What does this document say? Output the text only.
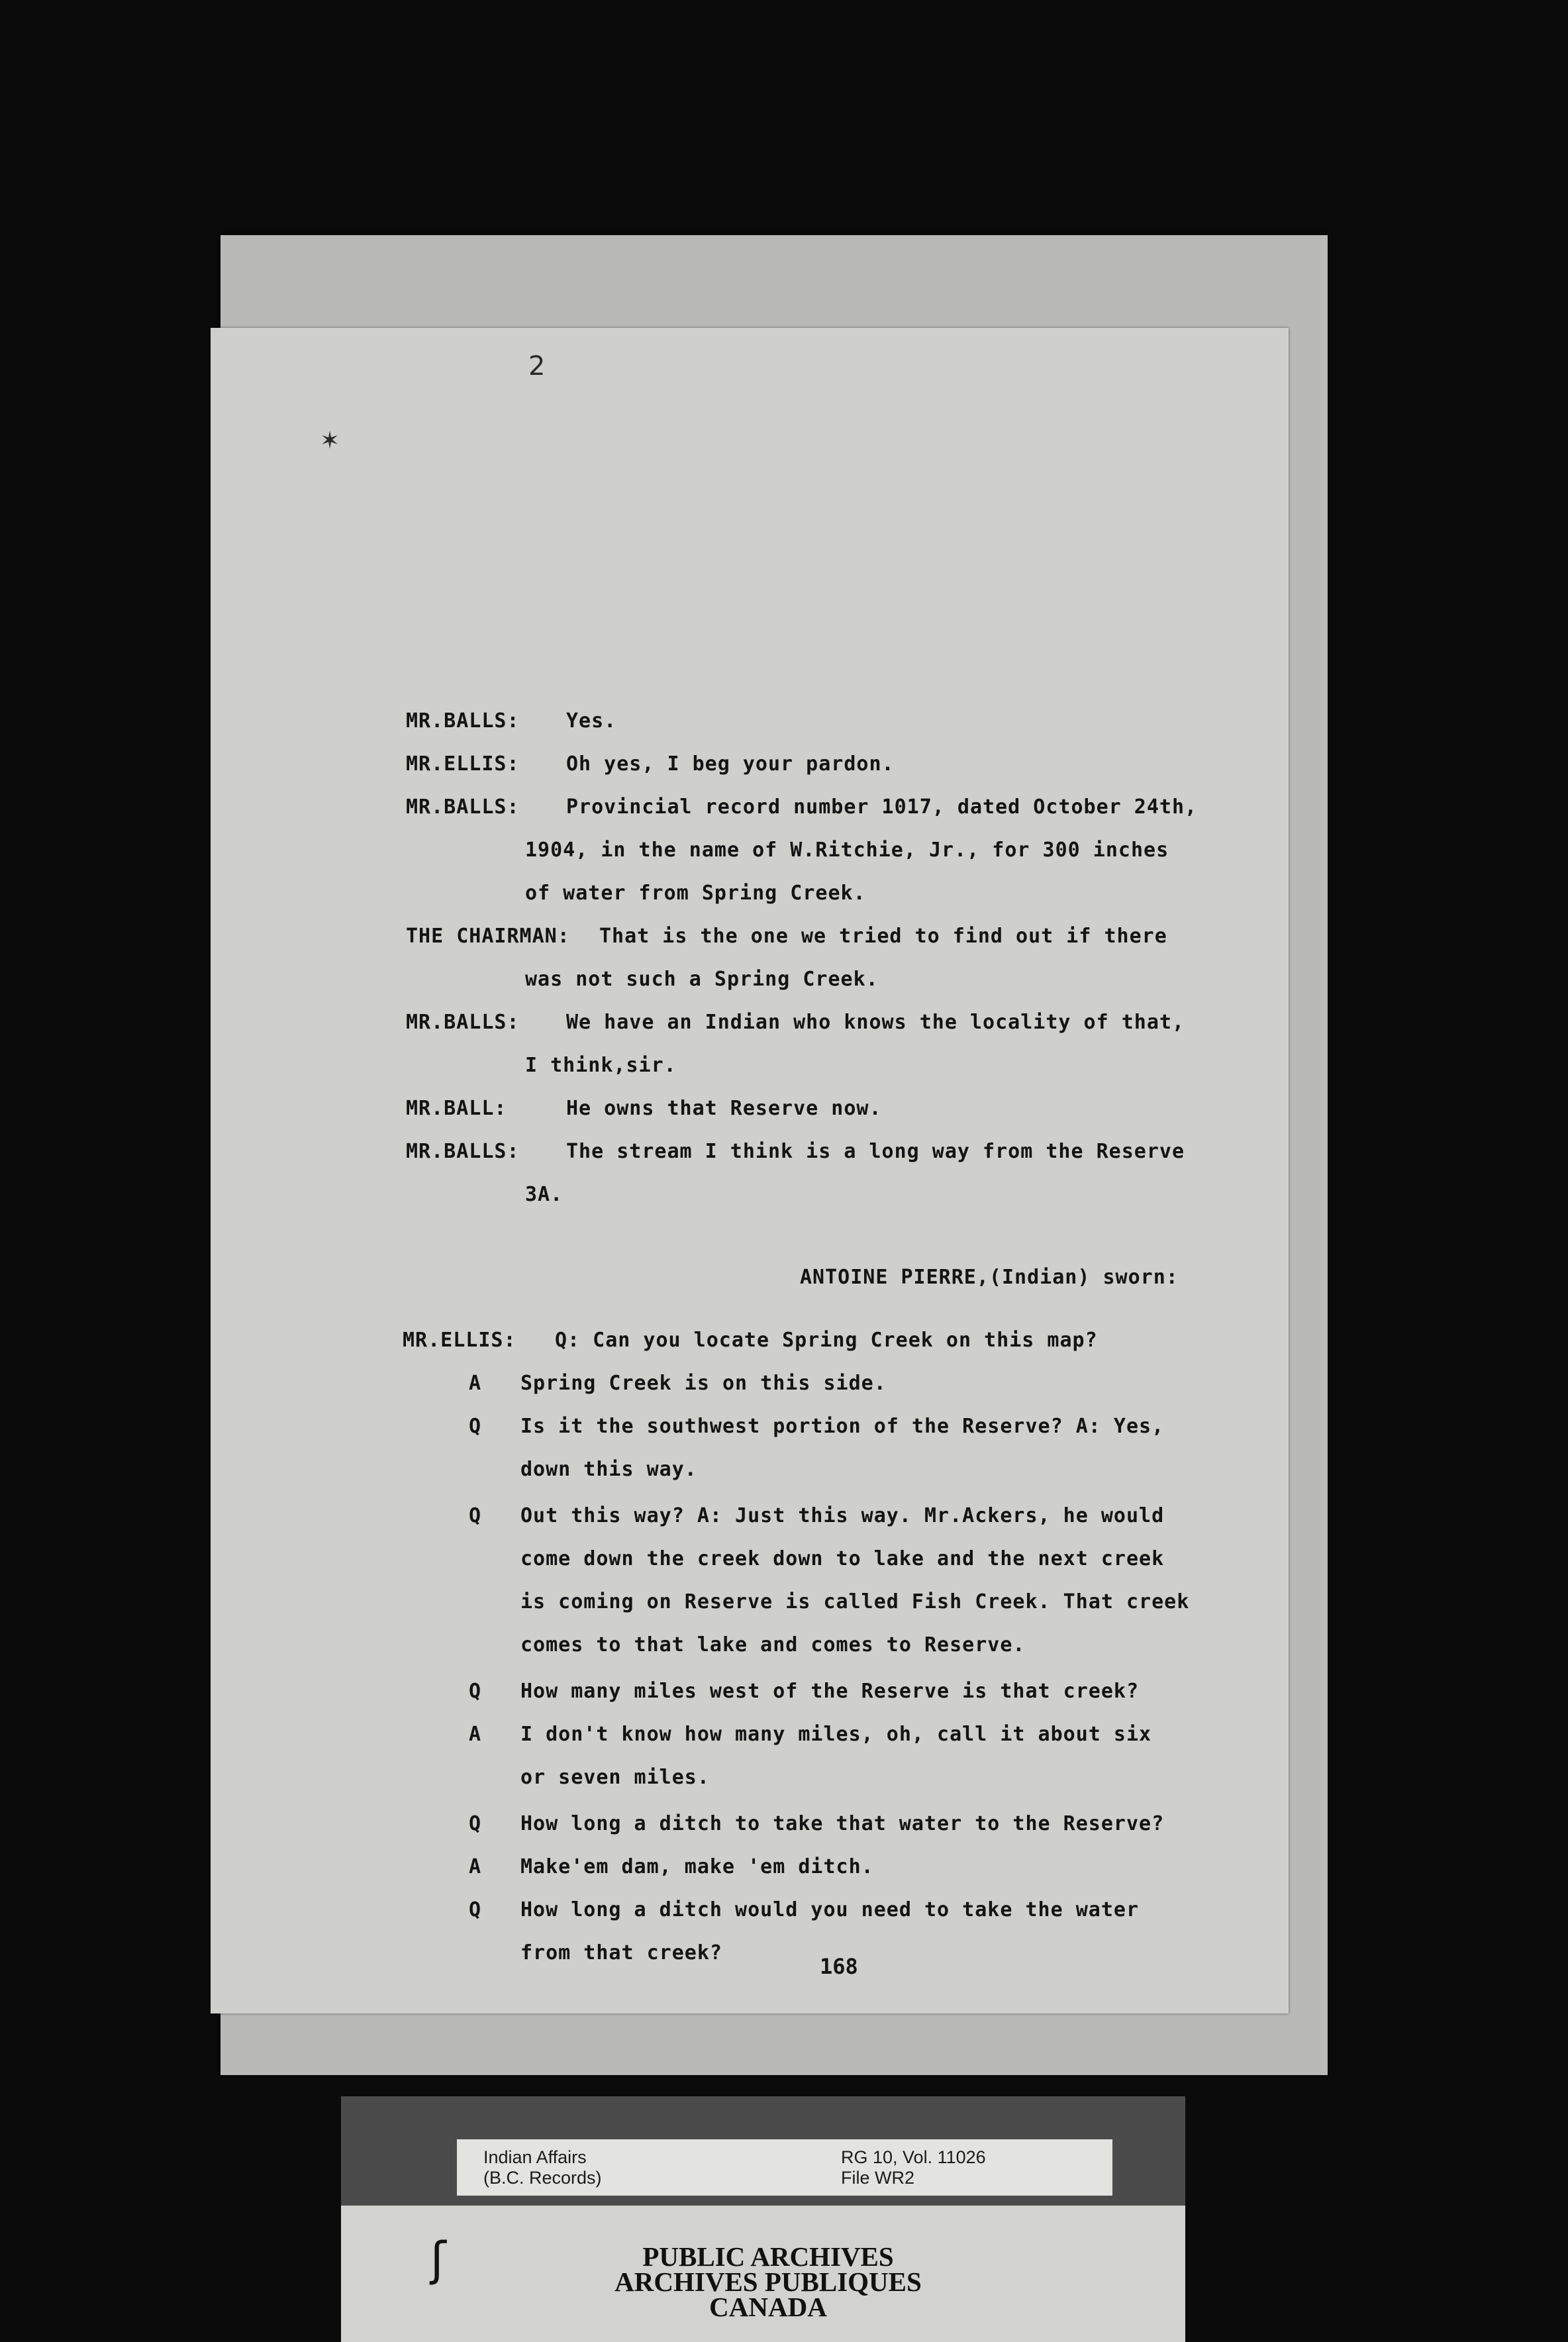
2
✶
MR.BALLS: Yes.
MR.ELLIS: Oh yes, I beg your pardon.
MR.BALLS: Provincial record number 1017, dated October 24th,
1904, in the name of W.Ritchie, Jr., for 300 inches
of water from Spring Creek.
THE CHAIRMAN: That is the one we tried to find out if there
was not such a Spring Creek.
MR.BALLS: We have an Indian who knows the locality of that,
I think,sir.
MR.BALL:	He owns that Reserve now.
MR.BALLS: The stream I think is a long way from the Reserve
3A.
ANTOINE PIERRE,(Indian) sworn:
MR.ELLIS: Q: Can you locate Spring Creek on this map?
A Spring Creek is on this side.
Q Is it the southwest portion of the Reserve? A: Yes,
down this way.
Q Out this way? A: Just this way. Mr.Ackers, he would
come down the creek down to lake and the next creek
is coming on Reserve is called Fish Creek. That creek
comes to that lake and comes to Reserve.
Q How many miles west of the Reserve is that creek?
A I don't know how many miles, oh, call it about six
or seven miles.
Q How long a ditch to take that water to the Reserve?
A Make'em dam, make 'em ditch.
Q How long a ditch would you need to take the water
from that creek?
168
Indian Affairs
(B.C. Records)
RG 10, Vol. 11026
File WR2
ʃ	PUBLIC ARCHIVES
ARCHIVES PUBLIQUES
CANADA
